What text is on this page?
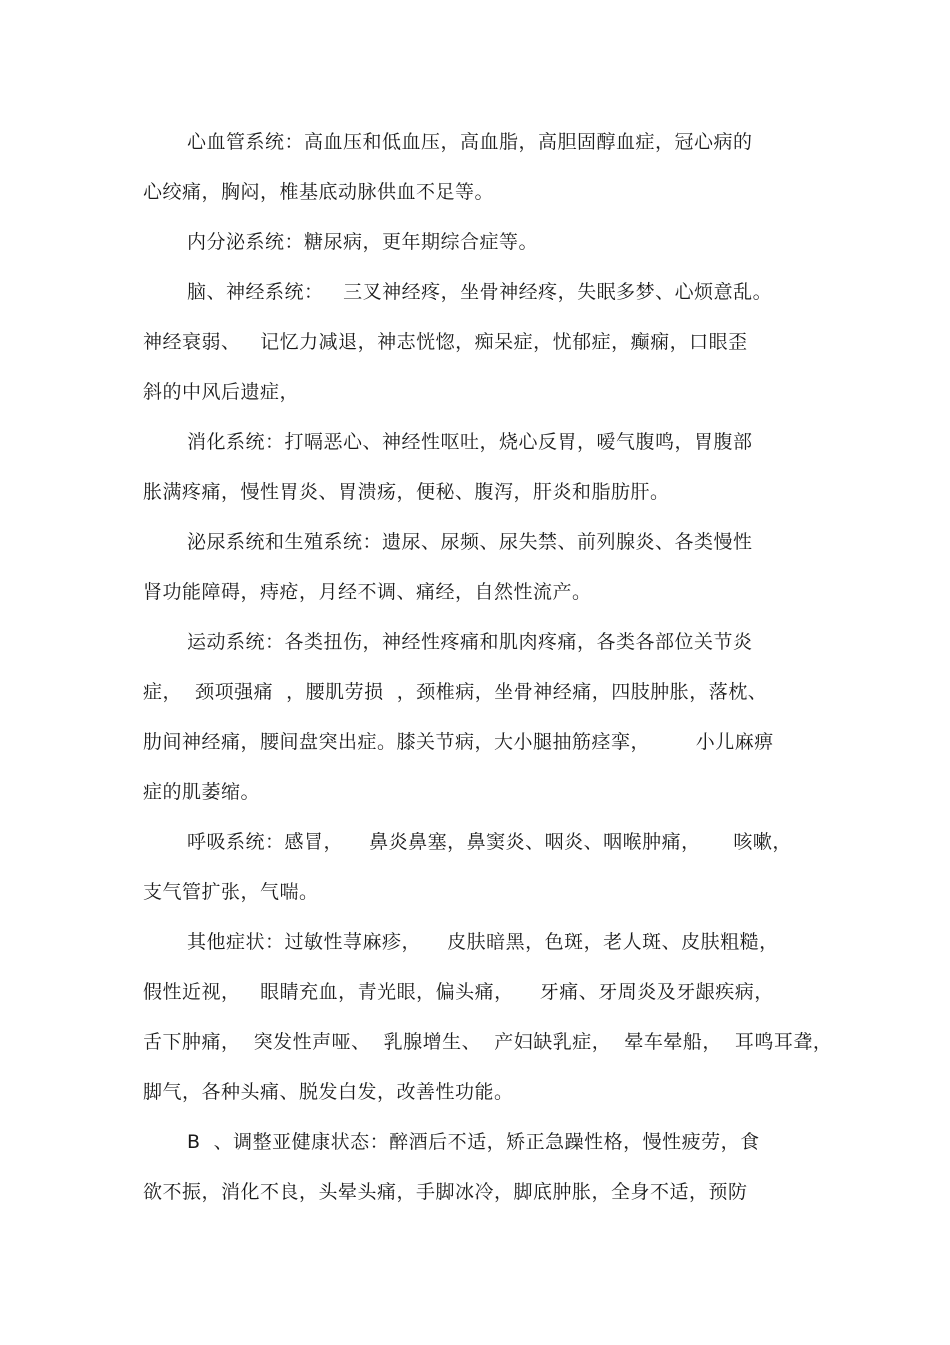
心血管系统：高血压和低血压，高血脂，高胆固醇血症，冠心病的
心绞痛，胸闷，椎基底动脉供血不足等。
内分泌系统：糖尿病，更年期综合症等。
脑、神经系统：   三叉神经疼，坐骨神经疼，失眠多梦、心烦意乱。
神经衰弱、   记忆力减退，神志恍惚，痴呆症，忧郁症，癫痫，口眼歪
斜的中风后遗症，
消化系统：打嗝恶心、神经性呕吐，烧心反胃，嗳气腹鸣，胃腹部
胀满疼痛，慢性胃炎、胃溃疡，便秘、腹泻，肝炎和脂肪肝。
泌尿系统和生殖系统：遗尿、尿频、尿失禁、前列腺炎、各类慢性
肾功能障碍，痔疮，月经不调、痛经，自然性流产。
运动系统：各类扭伤，神经性疼痛和肌肉疼痛，各类各部位关节炎
症，  颈项强痛  ，腰肌劳损  ，颈椎病，坐骨神经痛，四肢肿胀，落枕、
肋间神经痛，腰间盘突出症。膝关节病，大小腿抽筋痉挛，       小儿麻痹
症的肌萎缩。
呼吸系统：感冒，    鼻炎鼻塞，鼻窦炎、咽炎、咽喉肿痛，     咳嗽，
支气管扩张，气喘。
其他症状：过敏性荨麻疹，    皮肤暗黑，色斑，老人斑、皮肤粗糙，
假性近视，   眼睛充血，青光眼，偏头痛，    牙痛、牙周炎及牙龈疾病，
舌下肿痛，  突发性声哑、  乳腺增生、  产妇缺乳症，  晕车晕船，  耳鸣耳聋，
脚气，各种头痛、脱发白发，改善性功能。
B  、调整亚健康状态：醉酒后不适，矫正急躁性格，慢性疲劳，食
欲不振，消化不良，头晕头痛，手脚冰冷，脚底肿胀，全身不适，预防
